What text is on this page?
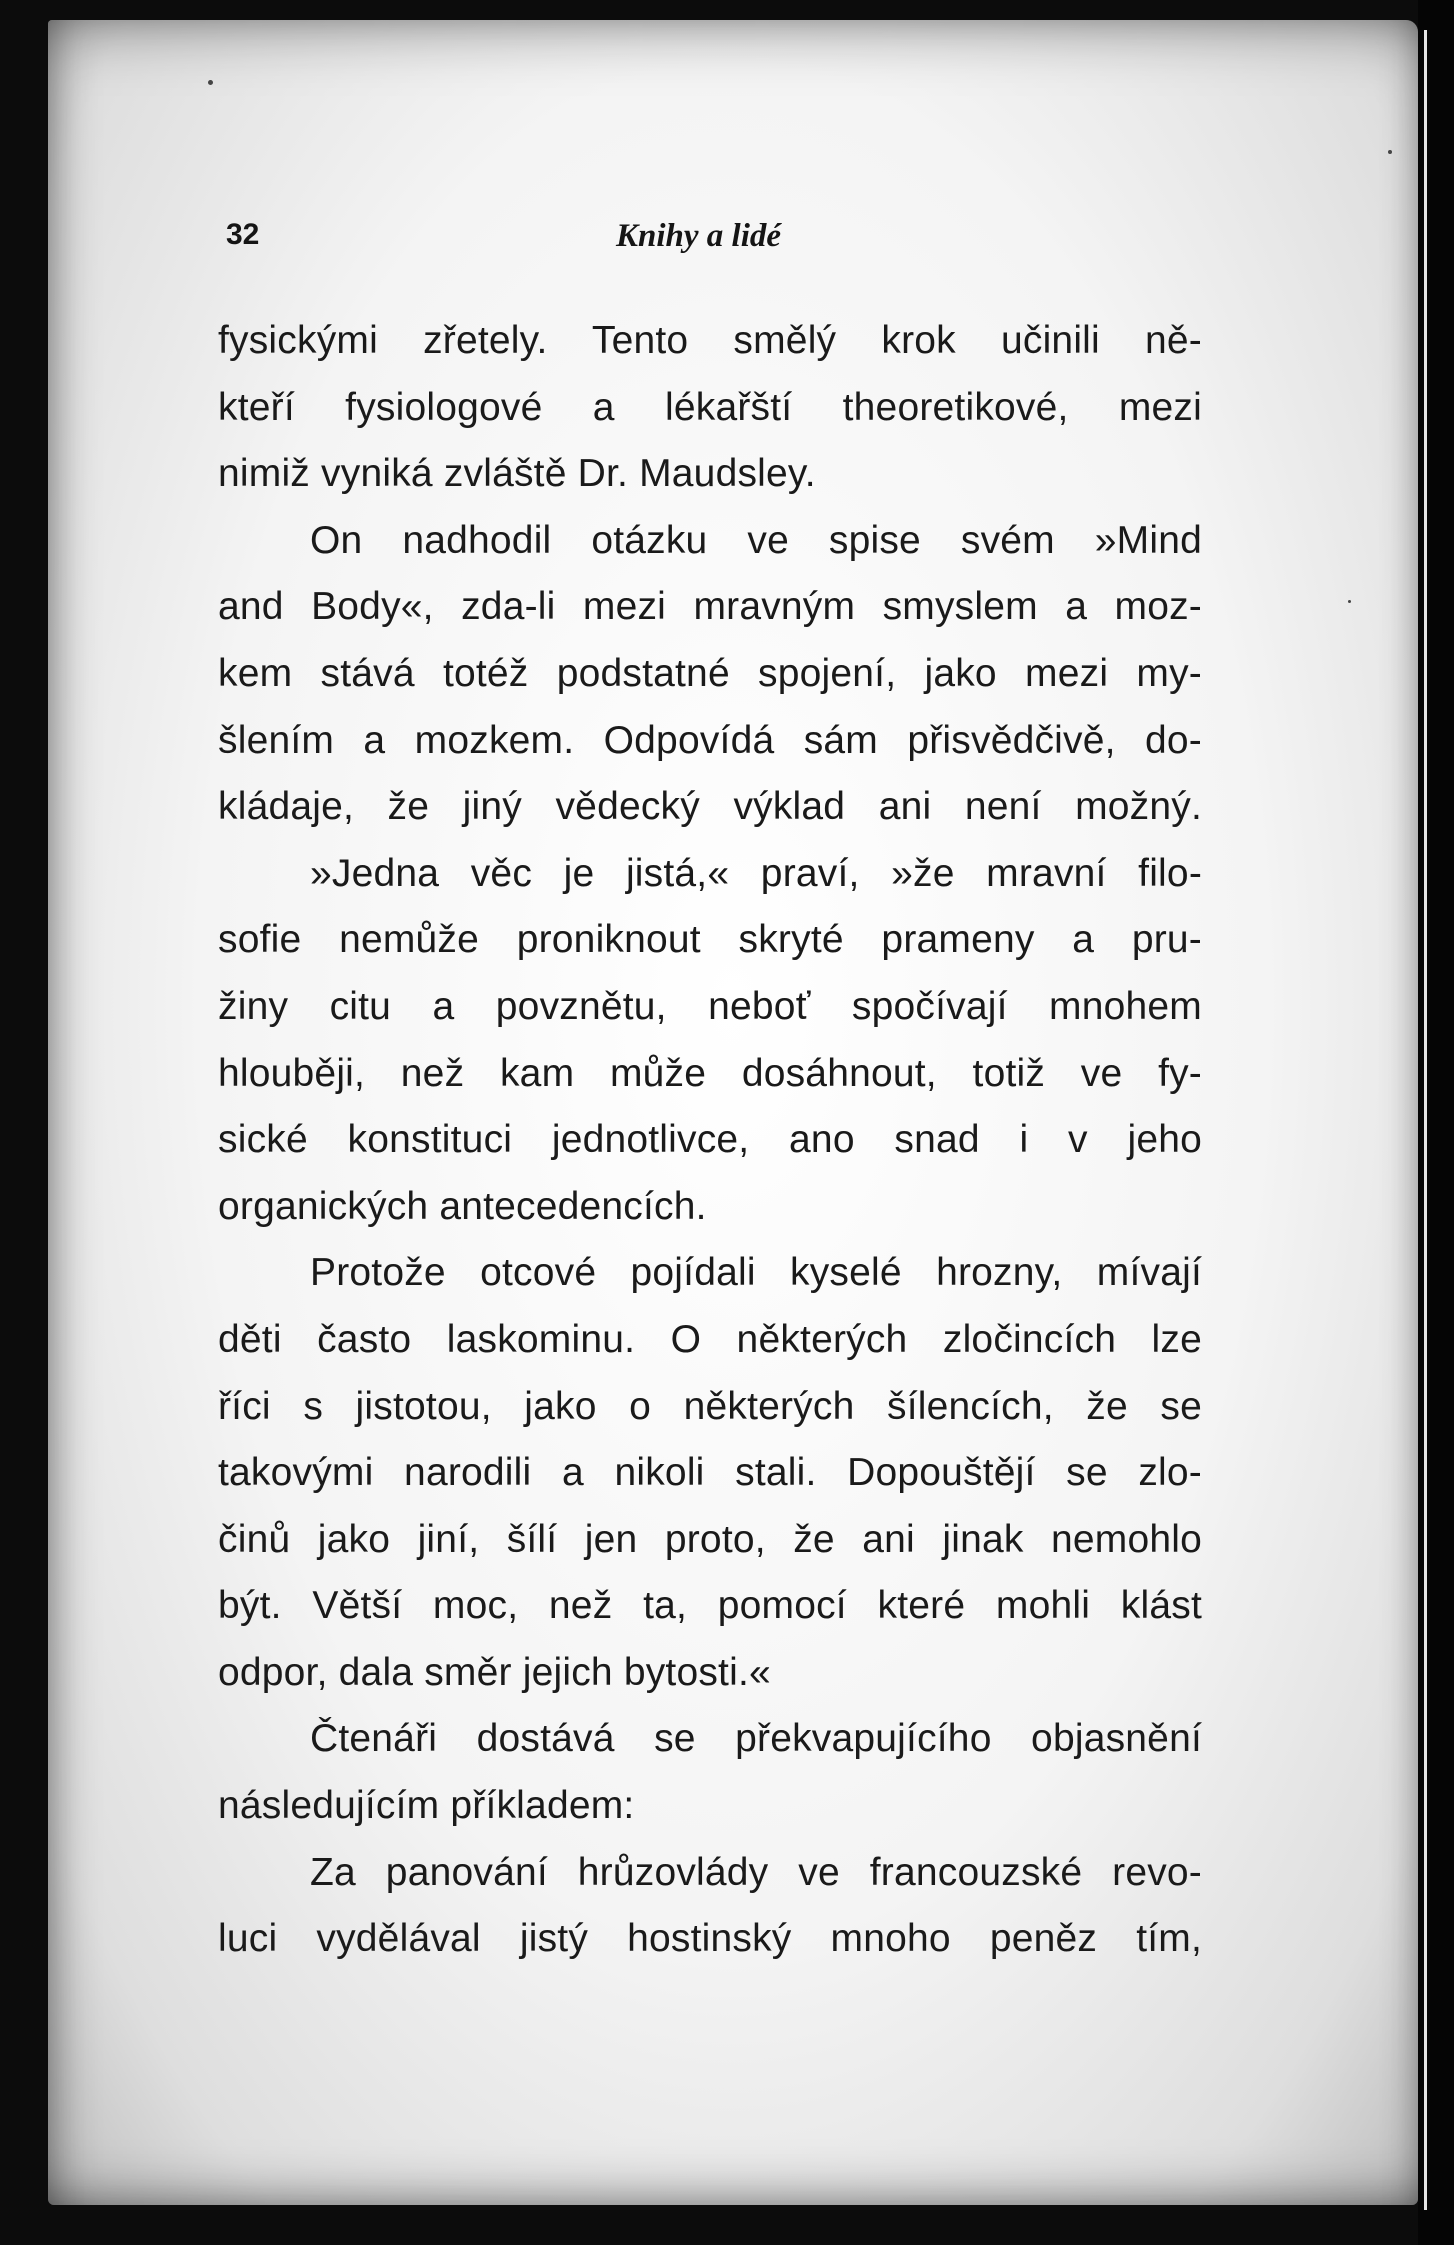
32	Knihy a lidé
fysickými zřetely. Tento smělý krok učinili ně-
kteří fysiologové a lékařští theoretikové, mezi
nimiž vyniká zvláště Dr. Maudsley.
On nadhodil otázku ve spise svém »Mind
and Body«, zda-li mezi mravným smyslem a moz-
kem stává totéž podstatné spojení, jako mezi my-
šlením a mozkem. Odpovídá sám přisvědčivě, do-
kládaje, že jiný vědecký výklad ani není možný.
»Jedna věc je jistá,« praví, »že mravní filo-
sofie nemůže proniknout skryté prameny a pru-
žiny citu a povznětu, neboť spočívají mnohem
hlouběji, než kam může dosáhnout, totiž ve fy-
sické konstituci jednotlivce, ano snad i v jeho
organických antecedencích.
Protože otcové pojídali kyselé hrozny, mívají
děti často laskominu. O některých zločincích lze
říci s jistotou, jako o některých šílencích, že se
takovými narodili a nikoli stali. Dopouštějí se zlo-
činů jako jiní, šílí jen proto, že ani jinak nemohlo
být. Větší moc, než ta, pomocí které mohli klást
odpor, dala směr jejich bytosti.«
Čtenáři dostává se překvapujícího objasnění
následujícím příkladem:
Za panování hrůzovlády ve francouzské revo-
luci vydělával jistý hostinský mnoho peněz tím,
